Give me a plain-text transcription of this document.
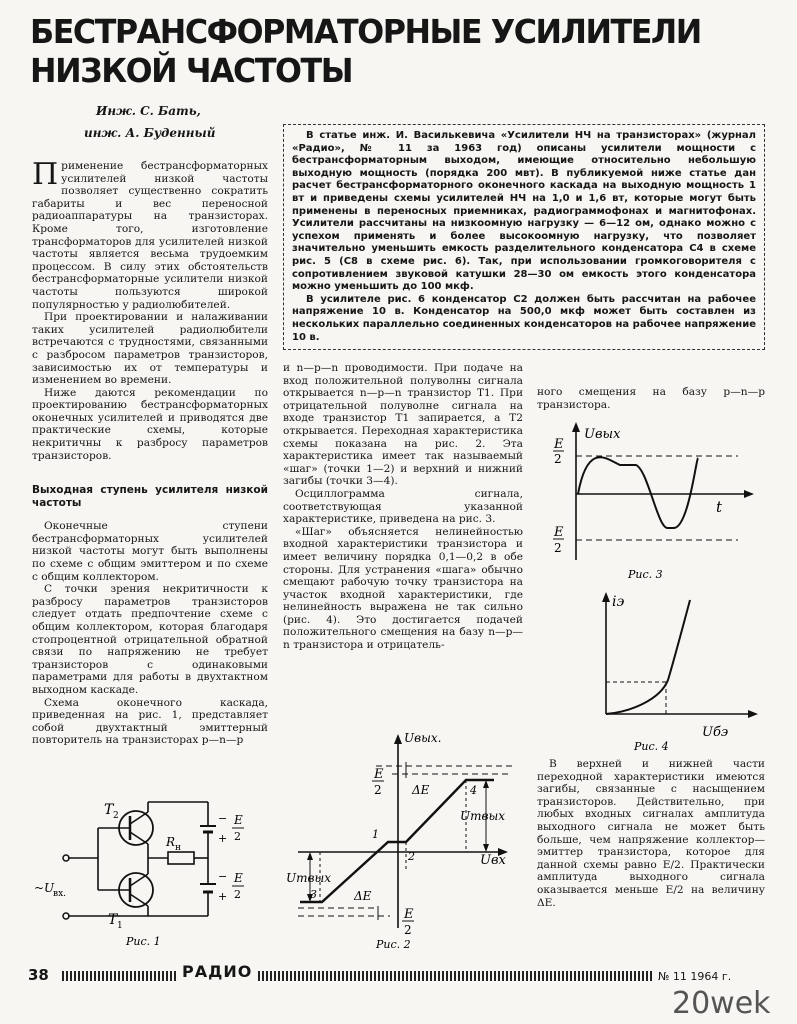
БЕСТРАНСФОРМАТОРНЫЕ УСИЛИТЕЛИ НИЗКОЙ ЧАСТОТЫ
Инж. С. Бать,
инж. А. Буденный	В статье инж. И. Василькевича «Усилители НЧ на транзисторах» (журнал «Радио», № 11 за 1963 год) описаны усилители мощности с бестрансформаторным выходом, имеющие относительно небольшую выходную мощность (порядка 200 мвт). В публикуемой ниже статье дан расчет бестрансформаторного оконечного каскада на выходную мощность 1 вт и приведены схемы усилителей НЧ на 1,0 и 1,6 вт, которые могут быть применены в переносных приемниках, радиограммофонах и магнитофонах. Усилители рассчитаны на низкоомную нагрузку — 6—12 ом, однако можно с успехом применять и более высокоомную нагрузку, что позволяет значительно уменьшить емкость разделительного конденсатора C4 в схеме рис. 5 (C8 в схеме рис. 6). Так, при использовании громкоговорителя с сопротивлением звуковой катушки 28—30 ом емкость этого конденсатора можно уменьшить до 100 мкф.

В усилителе рис. 6 конденсатор C2 должен быть рассчитан на рабочее напряжение 10 в. Конденсатор на 500,0 мкф может быть составлен из нескольких параллельно соединенных конденсаторов на рабочее напряжение 10 в.

Применение бестрансформаторных усилителей низкой частоты позволяет существенно сократить габариты и вес переносной радиоаппаратуры на транзисторах. Кроме того, изготовление трансформаторов для усилителей низкой частоты является весьма трудоемким процессом. В силу этих обстоятельств бестрансформаторные усилители низкой частоты пользуются широкой популярностью у радиолюбителей.

При проектировании и налаживании таких усилителей радиолюбители встречаются с трудностями, связанными с разбросом параметров транзисторов, зависимостью их от температуры и изменением во времени.

Ниже даются рекомендации по проектированию бестрансформаторных оконечных усилителей и приводятся две практические схемы, которые некритичны к разбросу параметров транзисторов.

Выходная ступень усилителя низкой частоты

Оконечные ступени бестрансформаторных усилителей низкой частоты могут быть выполнены по схеме с общим эмиттером и по схеме с общим коллектором.

С точки зрения некритичности к разбросу параметров транзисторов следует отдать предпочтение схеме с общим коллектором, которая благодаря стопроцентной отрицательной обратной связи по напряжению не требует транзисторов с одинаковыми параметрами для работы в двухтактном выходном каскаде.

Схема оконечного каскада, приведенная на рис. 1, представляет собой двухтактный эмиттерный повторитель на транзисторах p—n—p

и n—p—n проводимости. При подаче на вход положительной полуволны сигнала открывается n—p—n транзистор T1. При отрицательной полуволне сигнала на входе транзистор T1 запирается, а T2 открывается. Переходная характеристика схемы показана на рис. 2. Эта характеристика имеет так называемый «шаг» (точки 1—2) и верхний и нижний загибы (точки 3—4).

Осциллограмма сигнала, соответствующая указанной характеристике, приведена на рис. 3.

«Шаг» объясняется нелинейностью входной характеристики транзистора и имеет величину порядка 0,1—0,2 в обе стороны. Для устранения «шага» обычно смещают рабочую точку транзистора на участок входной характеристики, где нелинейность выражена не так сильно (рис. 4). Это достигается подачей положительного смещения на базу n—p—n транзистора и отрицатель-

ного смещения на базу p—n—p транзистора.

В верхней и нижней части переходной характеристики имеются загибы, связанные с насыщением транзисторов. Действительно, при любых входных сигналах амплитуда выходного сигнала не может быть больше, чем напряжение коллектор—эмиттер транзистора, которое для данной схемы равно E/2. Практически амплитуда выходного сигнала оказывается меньше E/2 на величину ΔE.

E
2
E
2
Uвых
t
Рис. 3
iэ
Uбэ
Рис. 4
−
+
−
+
E
2
E
2
T 2
T 1
R н
~U
вх.
Рис. 1
Uвых.
Uвх
Umвых
Umвых
ΔE
ΔE
E
2
E
2
1
2
3
4
Рис. 2
38	РАДИО	№ 11 1964 г.
20wek
